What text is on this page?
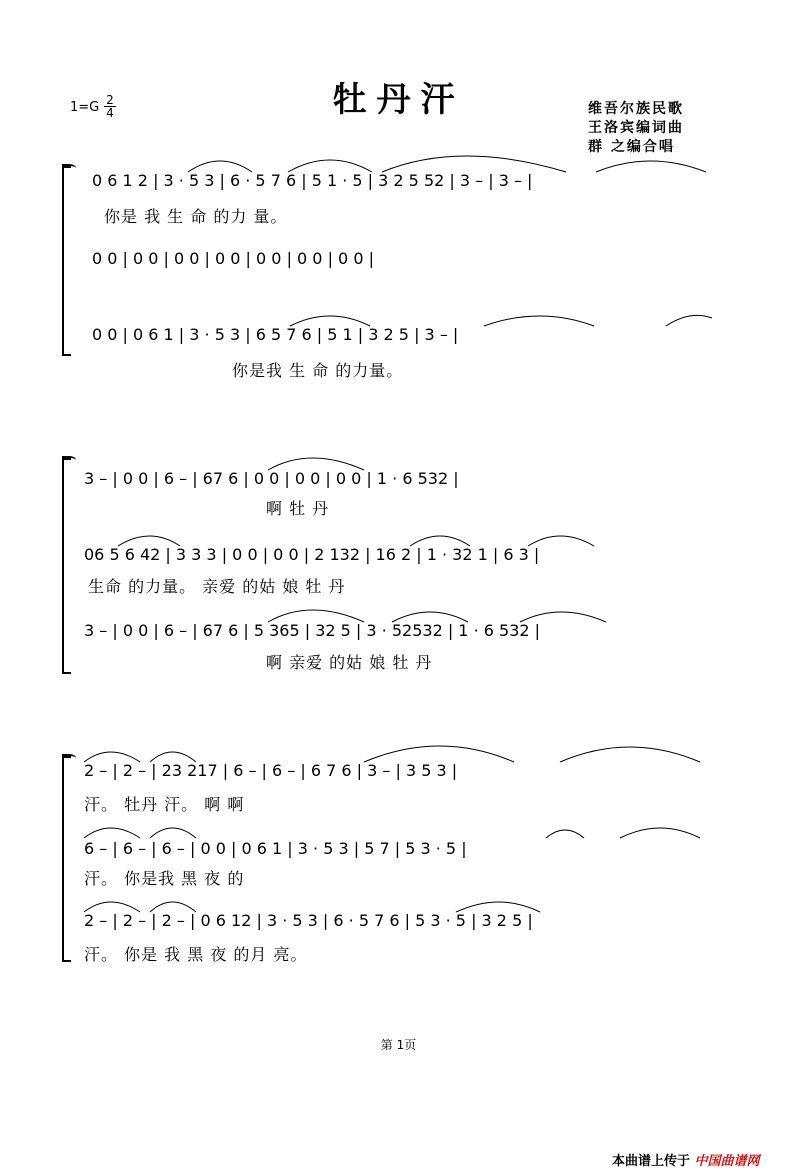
牡丹汗
$1=G \frac{2}{4}$	维吾尔族民歌
王洛宾编词曲
群 之编合唱
0 6 1 2 | 3 · 5 3 | 6 · 5 7 6 | 5 1 · 5 | 3 2 5 52 | 3 – | 3 – |
你是 我 生 命 的力 量。
0 0 | 0 0 | 0 0 | 0 0 | 0 0 | 0 0 | 0 0 |
0 0 | 0 6 1 | 3 · 5 3 | 6 5 7 6 | 5 1 | 3 2 5 | 3 – |
你是我 生 命 的力量。
3 – | 0 0 | 6 – | 67 6 | 0 0 | 0 0 | 0 0 | 1 · 6 532 |
啊 牡 丹
06 5 6 42 | 3 3 3 | 0 0 | 0 0 | 2 132 | 16 2 | 1 · 32 1 | 6 3 |
生命 的力量。 亲爱 的姑 娘 牡 丹
3 – | 0 0 | 6 – | 67 6 | 5 365 | 32 5 | 3 · 52532 | 1 · 6 532 |
啊 亲爱 的姑 娘 牡 丹
2 – | 2 – | 23 217 | 6 – | 6 – | 6 7 6 | 3 – | 3 5 3 |
汗。 牡丹 汗。 啊 啊
6 – | 6 – | 6 – | 0 0 | 0 6 1 | 3 · 5 3 | 5 7 | 5 3 · 5 |
汗。 你是我 黑 夜 的
2 – | 2 – | 2 – | 0 6 12 | 3 · 5 3 | 6 · 5 7 6 | 5 3 · 5 | 3 2 5 |
汗。 你是 我 黑 夜 的月 亮。
第 1页
本曲谱上传于 中国曲谱网
